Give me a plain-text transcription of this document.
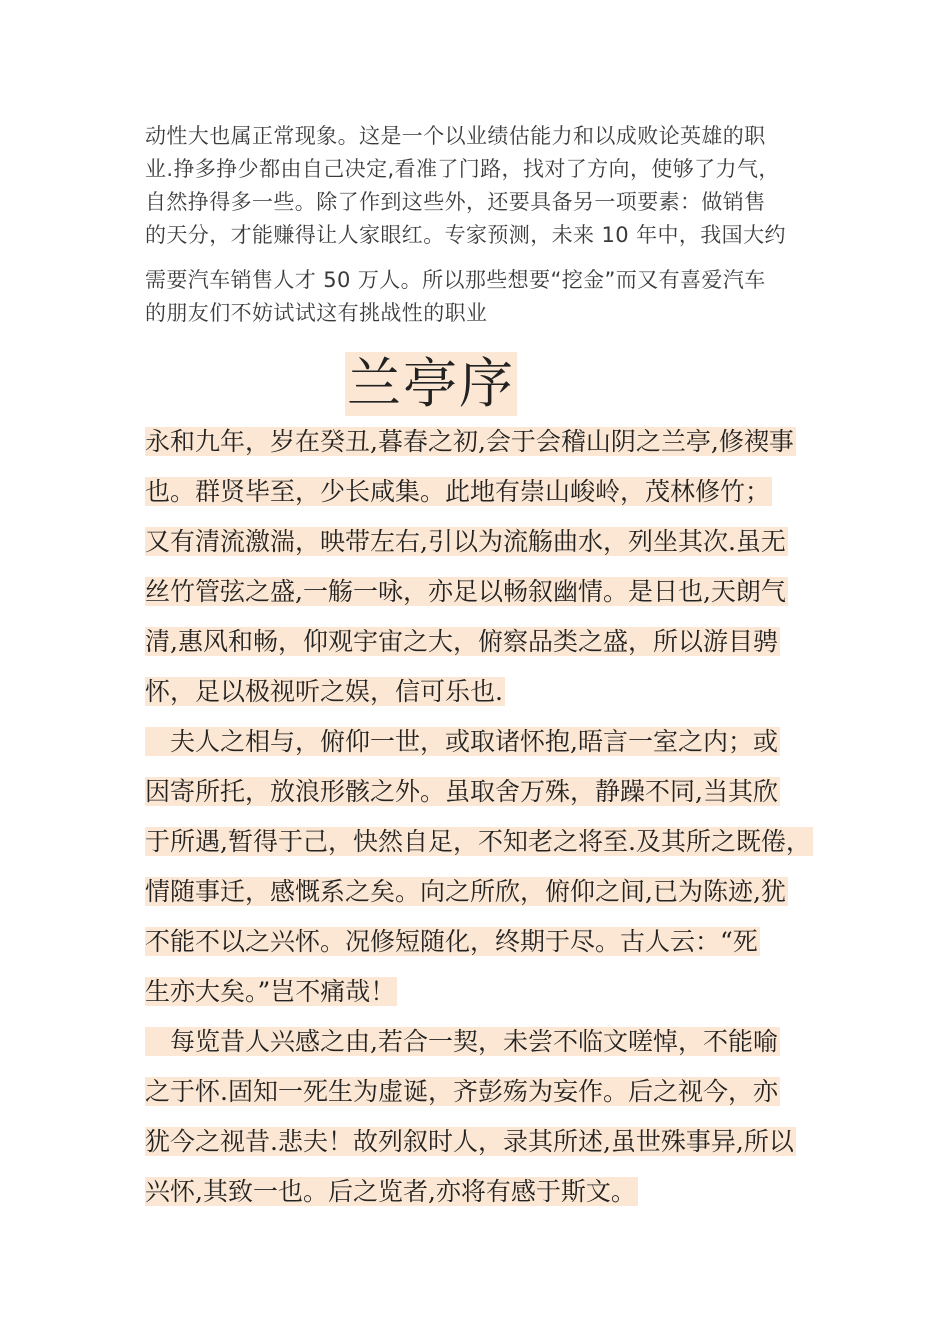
动性大也属正常现象。这是一个以业绩估能力和以成败论英雄的职
业.挣多挣少都由自己决定,看准了门路，找对了方向，使够了力气，
自然挣得多一些。除了作到这些外，还要具备另一项要素：做销售
的天分，才能赚得让人家眼红。专家预测，未来 10 年中，我国大约
需要汽车销售人才 50 万人。所以那些想要“挖金”而又有喜爱汽车
的朋友们不妨试试这有挑战性的职业
兰亭序
永和九年，岁在癸丑,暮春之初,会于会稽山阴之兰亭,修禊事
也。群贤毕至，少长咸集。此地有崇山峻岭，茂林修竹；
又有清流激湍，映带左右,引以为流觞曲水，列坐其次.虽无
丝竹管弦之盛,一觞一咏，亦足以畅叙幽情。是日也,天朗气
清,惠风和畅，仰观宇宙之大，俯察品类之盛，所以游目骋
怀，足以极视听之娱，信可乐也.
　夫人之相与，俯仰一世，或取诸怀抱,晤言一室之内；或
因寄所托，放浪形骸之外。虽取舍万殊，静躁不同,当其欣
于所遇,暂得于己，快然自足，不知老之将至.及其所之既倦，
情随事迁，感慨系之矣。向之所欣，俯仰之间,已为陈迹,犹
不能不以之兴怀。况修短随化，终期于尽。古人云：“死
生亦大矣。”岂不痛哉！
　每览昔人兴感之由,若合一契，未尝不临文嗟悼，不能喻
之于怀.固知一死生为虚诞，齐彭殇为妄作。后之视今，亦
犹今之视昔.悲夫！故列叙时人，录其所述,虽世殊事异,所以
兴怀,其致一也。后之览者,亦将有感于斯文。
